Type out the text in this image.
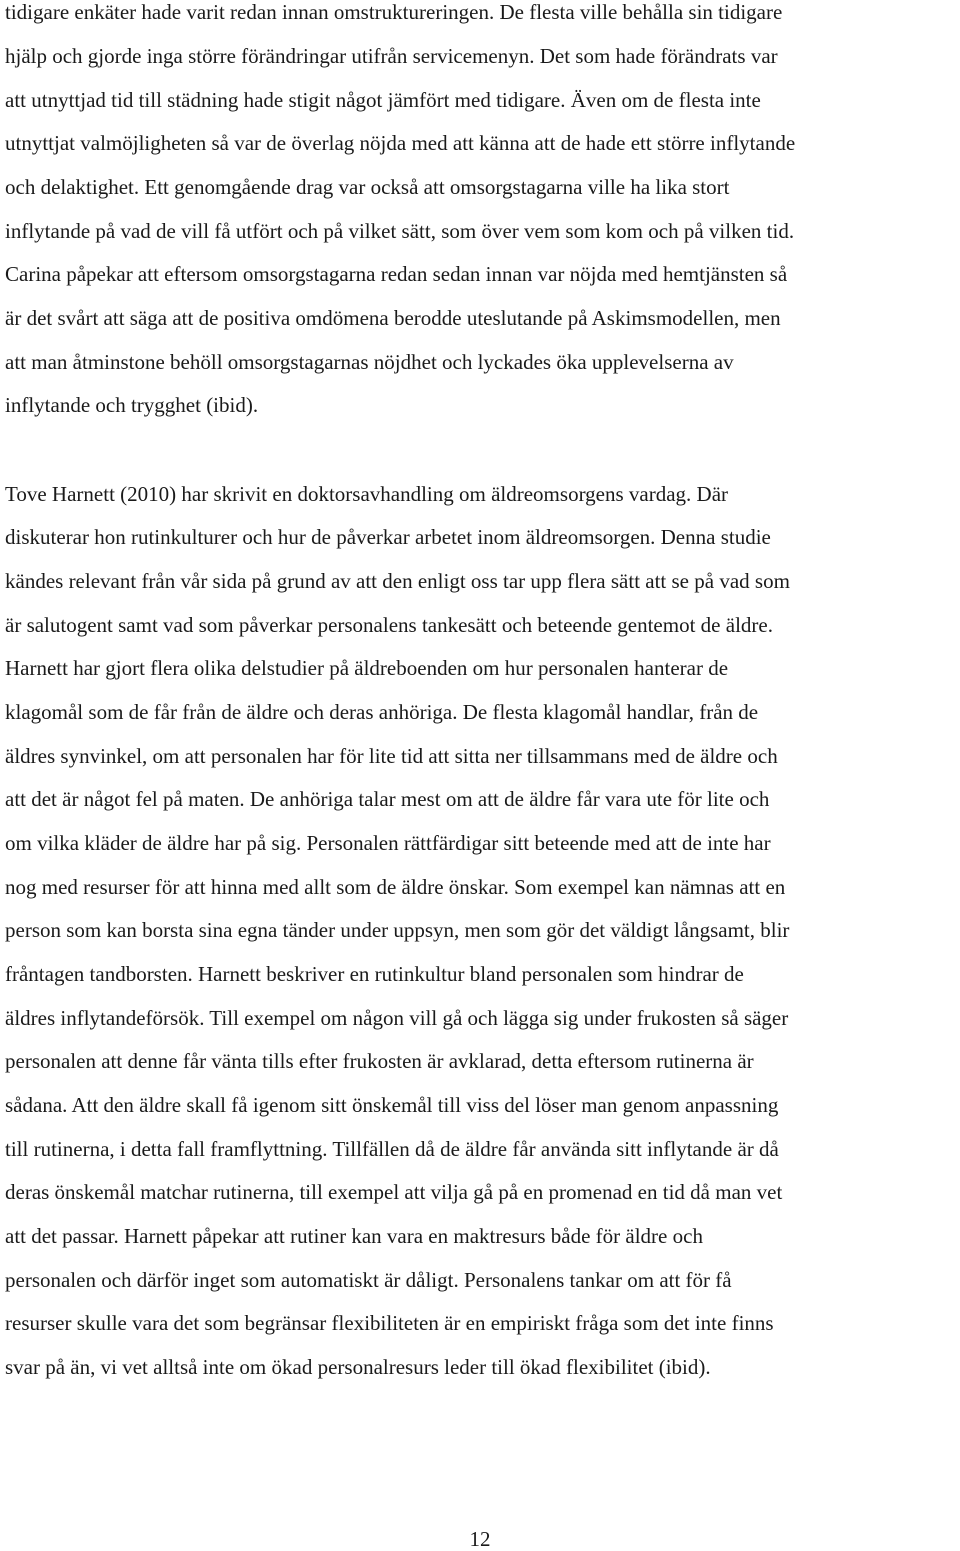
tidigare enkäter hade varit redan innan omstruktureringen. De flesta ville behålla sin tidigare

hjälp och gjorde inga större förändringar utifrån servicemenyn. Det som hade förändrats var

att utnyttjad tid till städning hade stigit något jämfört med tidigare. Även om de flesta inte

utnyttjat valmöjligheten så var de överlag nöjda med att känna att de hade ett större inflytande

och delaktighet. Ett genomgående drag var också att omsorgstagarna ville ha lika stort

inflytande på vad de vill få utfört och på vilket sätt, som över vem som kom och på vilken tid.

Carina påpekar att eftersom omsorgstagarna redan sedan innan var nöjda med hemtjänsten så

är det svårt att säga att de positiva omdömena berodde uteslutande på Askimsmodellen, men

att man åtminstone behöll omsorgstagarnas nöjdhet och lyckades öka upplevelserna av

inflytande och trygghet (ibid).

Tove Harnett (2010) har skrivit en doktorsavhandling om äldreomsorgens vardag. Där

diskuterar hon rutinkulturer och hur de påverkar arbetet inom äldreomsorgen. Denna studie

kändes relevant från vår sida på grund av att den enligt oss tar upp flera sätt att se på vad som

är salutogent samt vad som påverkar personalens tankesätt och beteende gentemot de äldre.

Harnett har gjort flera olika delstudier på äldreboenden om hur personalen hanterar de

klagomål som de får från de äldre och deras anhöriga. De flesta klagomål handlar, från de

äldres synvinkel, om att personalen har för lite tid att sitta ner tillsammans med de äldre och

att det är något fel på maten. De anhöriga talar mest om att de äldre får vara ute för lite och

om vilka kläder de äldre har på sig. Personalen rättfärdigar sitt beteende med att de inte har

nog med resurser för att hinna med allt som de äldre önskar. Som exempel kan nämnas att en

person som kan borsta sina egna tänder under uppsyn, men som gör det väldigt långsamt, blir

fråntagen tandborsten. Harnett beskriver en rutinkultur bland personalen som hindrar de

äldres inflytandeförsök. Till exempel om någon vill gå och lägga sig under frukosten så säger

personalen att denne får vänta tills efter frukosten är avklarad, detta eftersom rutinerna är

sådana. Att den äldre skall få igenom sitt önskemål till viss del löser man genom anpassning

till rutinerna, i detta fall framflyttning. Tillfällen då de äldre får använda sitt inflytande är då

deras önskemål matchar rutinerna, till exempel att vilja gå på en promenad en tid då man vet

att det passar. Harnett påpekar att rutiner kan vara en maktresurs både för äldre och

personalen och därför inget som automatiskt är dåligt. Personalens tankar om att för få

resurser skulle vara det som begränsar flexibiliteten är en empiriskt fråga som det inte finns

svar på än, vi vet alltså inte om ökad personalresurs leder till ökad flexibilitet (ibid).

12
